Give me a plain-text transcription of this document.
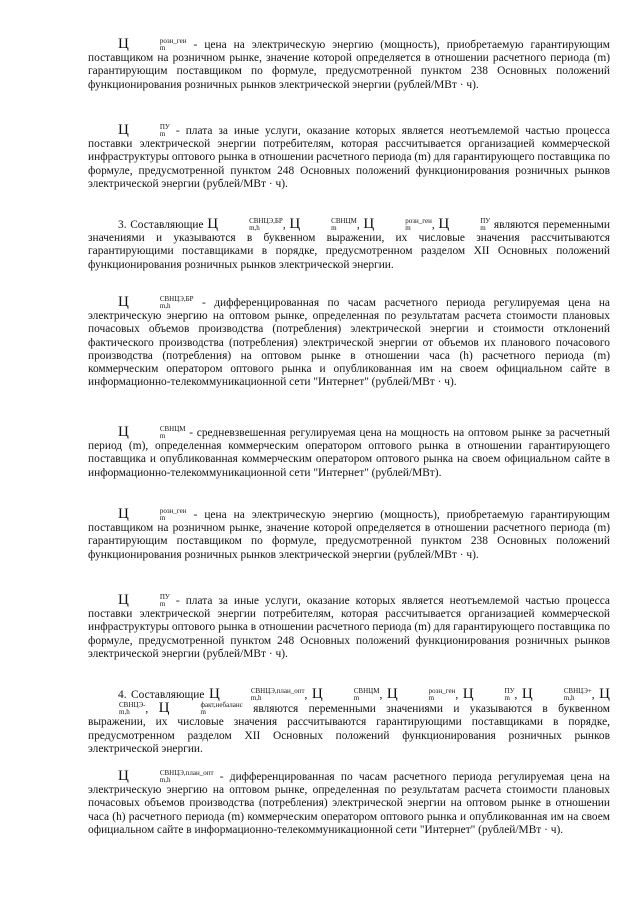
Ц	розн_ген
m	- цена на электрическую энергию (мощность), приобретаемую гарантирующим поставщиком на розничном рынке, значение которой определяется в отношении расчетного периода (m) гарантирующим поставщиком по формуле, предусмотренной пунктом 238 Основных положений функционирования розничных рынков электрической энергии (рублей/МВт · ч).

Ц	ПУ
m - плата за иные услуги, оказание которых является неотъемлемой частью процесса поставки электрической энергии потребителям, которая рассчитывается организацией коммерческой инфраструктуры оптового рынка в отношении расчетного периода (m) для гарантирующего поставщика по формуле, предусмотренной пунктом 248 Основных положений функционирования розничных рынков электрической энергии (рублей/МВт · ч).

3. Составляющие Ц	СВНЦЭ,БР
m,h	, Ц	СВНЦМ
m	, Ц	розн_ген
m	, Ц	ПУ
m являются переменными значениями и указываются в буквенном выражении, их числовые значения рассчитываются гарантирующими поставщиками в порядке, предусмотренном разделом XII Основных положений функционирования розничных рынков электрической энергии.

Ц	СВНЦЭ,БР
m,h	- дифференцированная по часам расчетного периода регулируемая цена на электрическую энергию на оптовом рынке, определенная по результатам расчета стоимости плановых почасовых объемов производства (потребления) электрической энергии и стоимости отклонений фактического производства (потребления) электрической энергии от объемов их планового почасового производства (потребления) на оптовом рынке в отношении часа (h) расчетного периода (m) коммерческим оператором оптового рынка и опубликованная им на своем официальном сайте в информационно-телекоммуникационной сети "Интернет" (рублей/МВт · ч).

Ц	СВНЦМ
m	- средневзвешенная регулируемая цена на мощность на оптовом рынке за расчетный период (m), определенная коммерческим оператором оптового рынка в отношении гарантирующего поставщика и опубликованная коммерческим оператором оптового рынка на своем официальном сайте в информационно-телекоммуникационной сети "Интернет" (рублей/МВт).

Ц	розн_ген
m	- цена на электрическую энергию (мощность), приобретаемую гарантирующим поставщиком на розничном рынке, значение которой определяется в отношении расчетного периода (m) гарантирующим поставщиком по формуле, предусмотренной пунктом 238 Основных положений функционирования розничных рынков электрической энергии (рублей/МВт · ч).

Ц	ПУ
m - плата за иные услуги, оказание которых является неотъемлемой частью процесса поставки электрической энергии потребителям, которая рассчитывается организацией коммерческой инфраструктуры оптового рынка в отношении расчетного периода (m) для гарантирующего поставщика по формуле, предусмотренной пунктом 248 Основных положений функционирования розничных рынков электрической энергии (рублей/МВт · ч).

4. Составляющие Ц	СВНЦЭ,план_опт
m,h	, Ц	СВНЦМ
m	, Ц	розн_ген
m	, Ц	ПУ
m , Ц	СВНЦЭ+
m,h	, Ц
СВНЦЭ-
m,h	, Ц	факт,небаланс
m	являются переменными значениями и указываются в буквенном выражении, их числовые значения рассчитываются гарантирующими поставщиками в порядке, предусмотренном разделом XII Основных положений функционирования розничных рынков электрической энергии.

Ц	СВНЦЭ,план_опт
m,h	- дифференцированная по часам расчетного периода регулируемая цена на электрическую энергию на оптовом рынке, определенная по результатам расчета стоимости плановых почасовых объемов производства (потребления) электрической энергии на оптовом рынке в отношении часа (h) расчетного периода (m) коммерческим оператором оптового рынка и опубликованная им на своем официальном сайте в информационно-телекоммуникационной сети "Интернет" (рублей/МВт · ч).
